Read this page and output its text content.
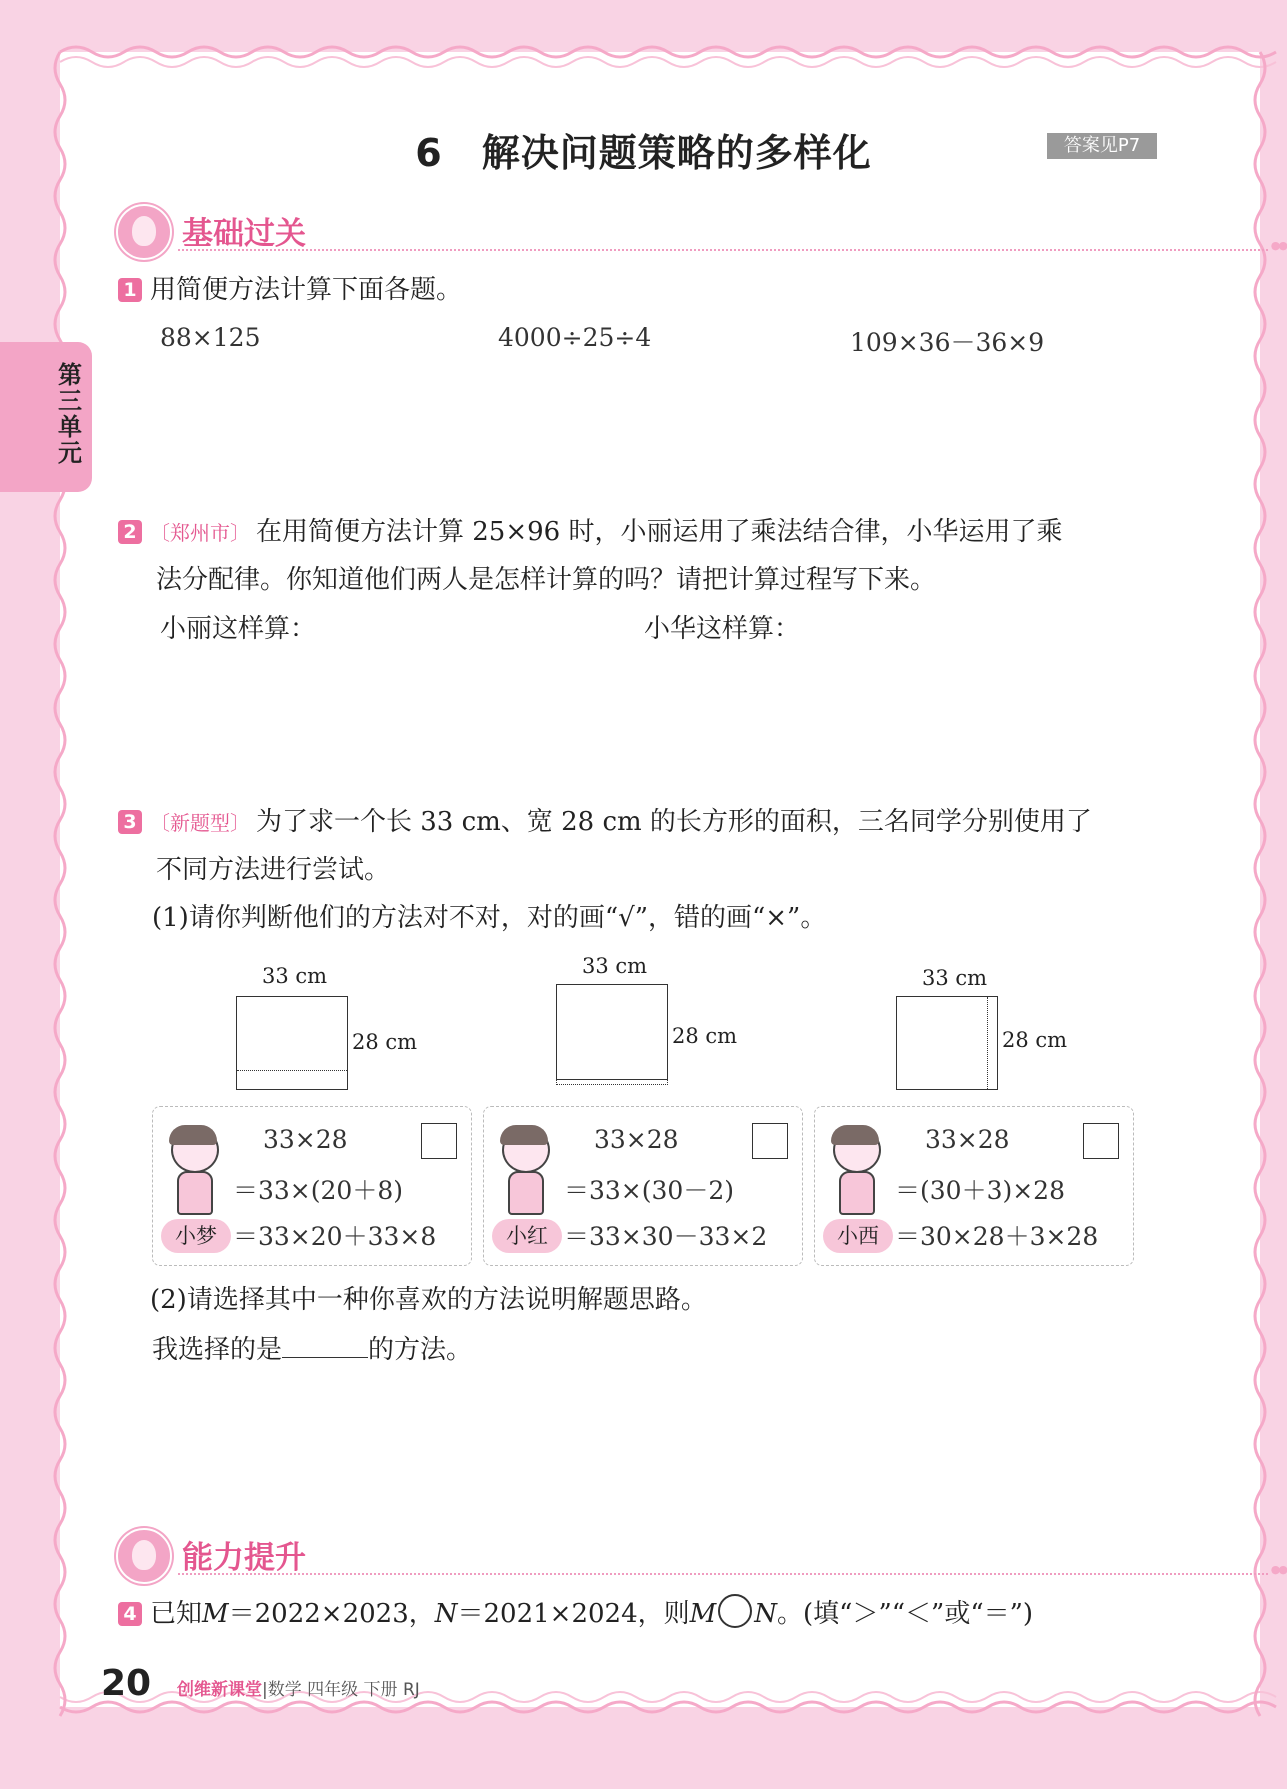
第三单元
6　解决问题策略的多样化	答案见P7
基础过关
●●
1 用简便方法计算下面各题。
88×125	4000÷25÷4	109×36－36×9
2 〔郑州市〕 在用简便方法计算 25×96 时，小丽运用了乘法结合律，小华运用了乘
法分配律。你知道他们两人是怎样计算的吗？请把计算过程写下来。
小丽这样算：	小华这样算：
3 〔新题型〕 为了求一个长 33 cm、宽 28 cm 的长方形的面积，三名同学分别使用了
不同方法进行尝试。
(1)请你判断他们的方法对不对，对的画“√”，错的画“×”。
33 cm
28 cm
33 cm
28 cm
33 cm
28 cm
小梦
33×28
＝33×(20＋8)
＝33×20＋33×8	小红
33×28
＝33×(30－2)
＝33×30－33×2	小西
33×28
＝(30＋3)×28
＝30×28＋3×28
(2)请选择其中一种你喜欢的方法说明解题思路。
我选择的是	的方法。
能力提升
●●
4 已知M＝2022×2023，N＝2021×2024，则M N。(填“＞”“＜”或“＝”)
20 创维新课堂|数学 四年级 下册 RJ
